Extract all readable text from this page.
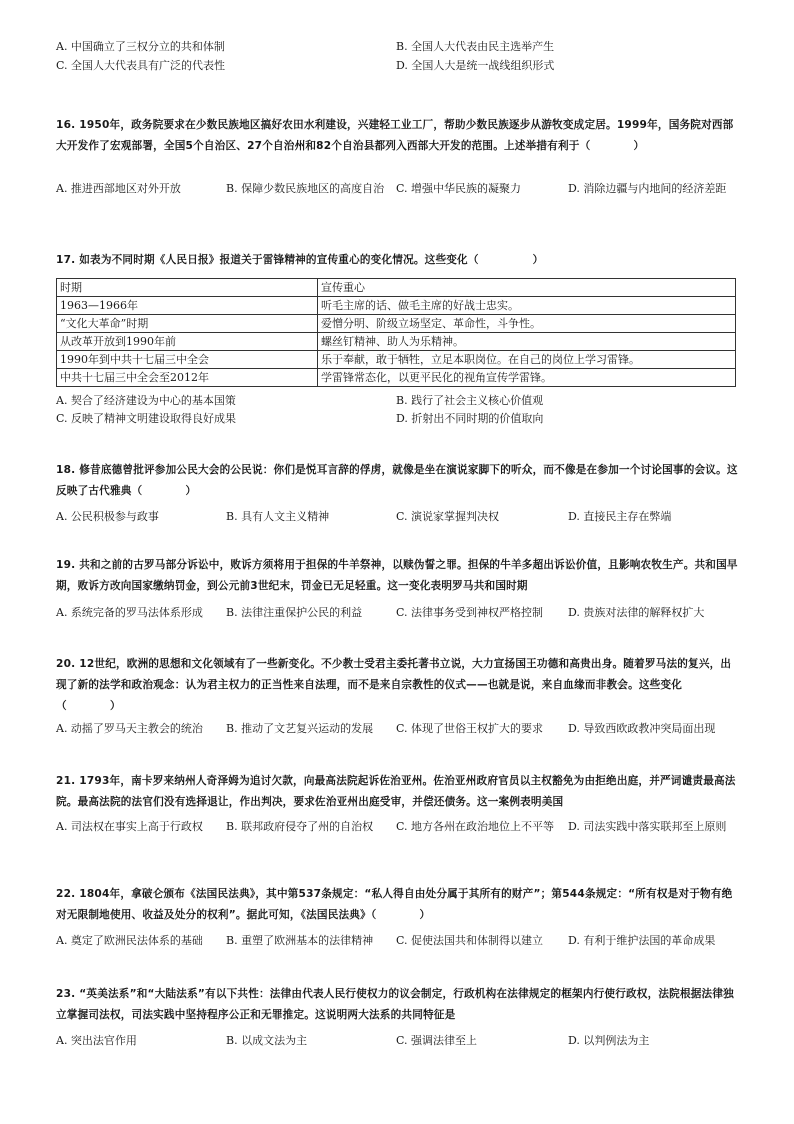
A. 中国确立了三权分立的共和体制	B. 全国人大代表由民主选举产生
C. 全国人大代表具有广泛的代表性	D. 全国人大是统一战线组织形式
16. 1950年，政务院要求在少数民族地区搞好农田水利建设，兴建轻工业工厂，帮助少数民族逐步从游牧变成定居。1999年，国务院对西部大开发作了宏观部署，全国5个自治区、27个自治州和82个自治县都列入西部大开发的范围。上述举措有利于（　　　　）
A. 推进西部地区对外开放	B. 保障少数民族地区的高度自治 C. 增强中华民族的凝聚力	D. 消除边疆与内地间的经济差距
17. 如表为不同时期《人民日报》报道关于雷锋精神的宣传重心的变化情况。这些变化（　　　　　）
时期	宣传重心
1963—1966年	听毛主席的话、做毛主席的好战士忠实。
“文化大革命”时期	爱憎分明、阶级立场坚定、革命性，斗争性。
从改革开放到1990年前	螺丝钉精神、助人为乐精神。
1990年到中共十七届三中全会	乐于奉献，敢于牺牲，立足本职岗位。在自己的岗位上学习雷锋。
中共十七届三中全会至2012年	学雷锋常态化，以更平民化的视角宣传学雷锋。
A. 契合了经济建设为中心的基本国策	B. 践行了社会主义核心价值观
C. 反映了精神文明建设取得良好成果	D. 折射出不同时期的价值取向
18. 修昔底德曾批评参加公民大会的公民说：你们是悦耳言辞的俘虏，就像是坐在演说家脚下的听众，而不像是在参加一个讨论国事的会议。这反映了古代雅典（　　　　）
A. 公民积极参与政事	B. 具有人文主义精神	C. 演说家掌握判决权	D. 直接民主存在弊端
19. 共和之前的古罗马部分诉讼中，败诉方须将用于担保的牛羊祭神，以赎伪誓之罪。担保的牛羊多超出诉讼价值，且影响农牧生产。共和国早期，败诉方改向国家缴纳罚金，到公元前3世纪末，罚金已无足轻重。这一变化表明罗马共和国时期
A. 系统完备的罗马法体系形成 B. 法律注重保护公民的利益	C. 法律事务受到神权严格控制 D. 贵族对法律的解释权扩大
20. 12世纪，欧洲的思想和文化领域有了一些新变化。不少教士受君主委托著书立说，大力宣扬国王功德和高贵出身。随着罗马法的复兴，出现了新的法学和政治观念：认为君主权力的正当性来自法理，而不是来自宗教性的仪式——也就是说，来自血缘而非教会。这些变化（　　　　）
A. 动摇了罗马天主教会的统治 B. 推动了文艺复兴运动的发展 C. 体现了世俗王权扩大的要求 D. 导致西欧政教冲突局面出现
21. 1793年，南卡罗来纳州人奇泽姆为追讨欠款，向最高法院起诉佐治亚州。佐治亚州政府官员以主权豁免为由拒绝出庭，并严词谴责最高法院。最高法院的法官们没有选择退让，作出判决，要求佐治亚州出庭受审，并偿还债务。这一案例表明美国
A. 司法权在事实上高于行政权	B. 联邦政府侵夺了州的自治权	C. 地方各州在政治地位上不平等	D. 司法实践中落实联邦至上原则
22. 1804年，拿破仑颁布《法国民法典》，其中第537条规定：“私人得自由处分属于其所有的财产”；第544条规定：“所有权是对于物有绝对无限制地使用、收益及处分的权利”。据此可知，《法国民法典》（　　　　）
A. 奠定了欧洲民法体系的基础 B. 重塑了欧洲基本的法律精神 C. 促使法国共和体制得以建立 D. 有利于维护法国的革命成果
23. “英美法系”和“大陆法系”有以下共性：法律由代表人民行使权力的议会制定，行政机构在法律规定的框架内行使行政权，法院根据法律独立掌握司法权，司法实践中坚持程序公正和无罪推定。这说明两大法系的共同特征是
A. 突出法官作用	B. 以成文法为主	C. 强调法律至上	D. 以判例法为主
